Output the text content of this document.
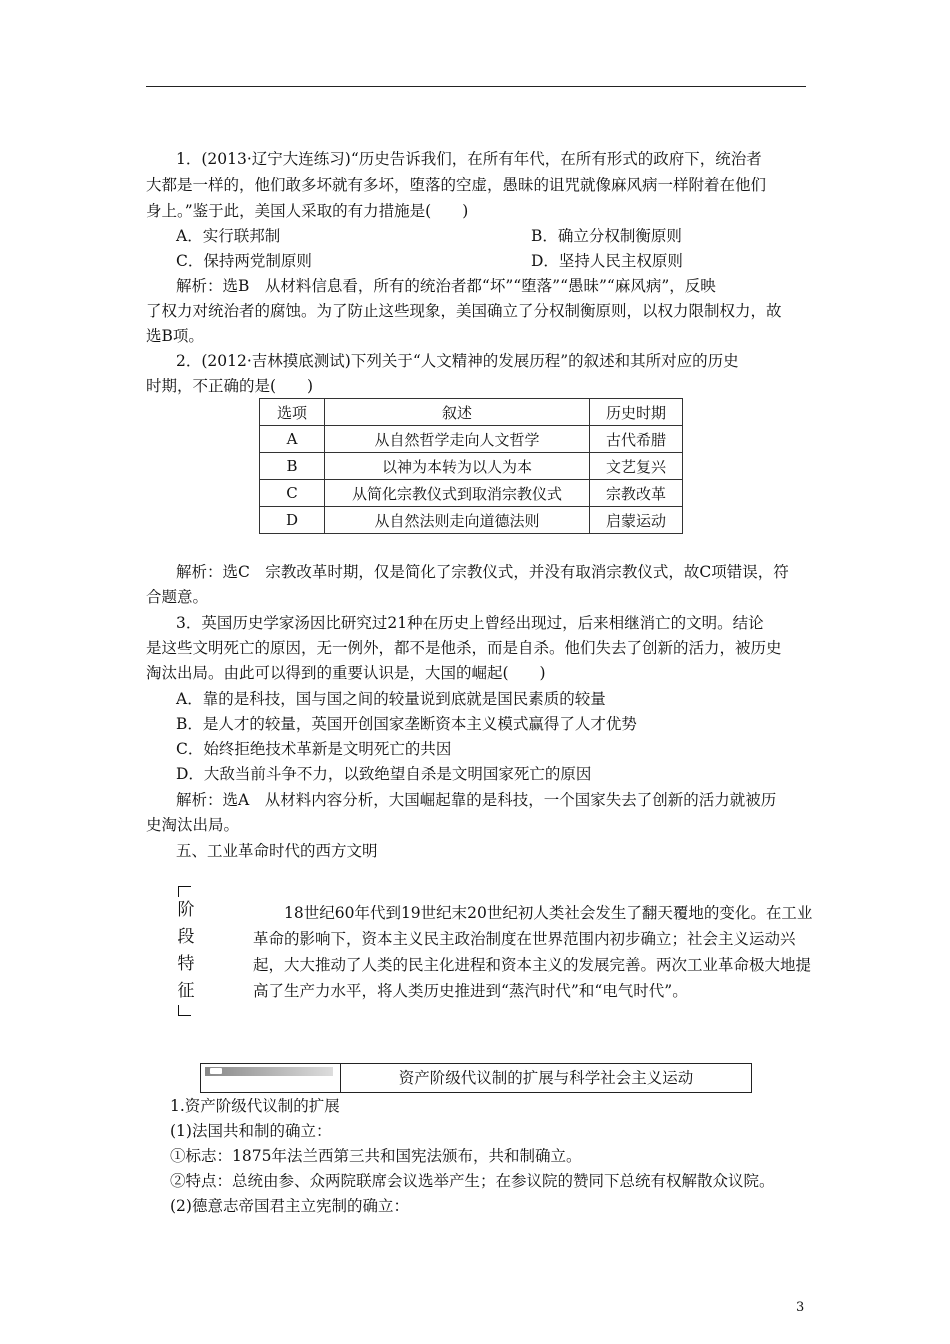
1．(2013·辽宁大连练习)“历史告诉我们，在所有年代，在所有形式的政府下，统治者
大都是一样的，他们敢多坏就有多坏，堕落的空虚，愚昧的诅咒就像麻风病一样附着在他们
身上。”鉴于此，美国人采取的有力措施是(　　)
A．实行联邦制	B．确立分权制衡原则
C．保持两党制原则	D．坚持人民主权原则
解析：选B　从材料信息看，所有的统治者都“坏”“堕落”“愚昧”“麻风病”，反映
了权力对统治者的腐蚀。为了防止这些现象，美国确立了分权制衡原则，以权力限制权力，故
选B项。
2．(2012·吉林摸底测试)下列关于“人文精神的发展历程”的叙述和其所对应的历史
时期，不正确的是(　　)
选项	叙述	历史时期
A	从自然哲学走向人文哲学	古代希腊
B	以神为本转为以人为本	文艺复兴
C	从简化宗教仪式到取消宗教仪式	宗教改革
D	从自然法则走向道德法则	启蒙运动
解析：选C　宗教改革时期，仅是简化了宗教仪式，并没有取消宗教仪式，故C项错误，符
合题意。
3．英国历史学家汤因比研究过21种在历史上曾经出现过，后来相继消亡的文明。结论
是这些文明死亡的原因，无一例外，都不是他杀，而是自杀。他们失去了创新的活力，被历史
淘汰出局。由此可以得到的重要认识是，大国的崛起(　　)
A．靠的是科技，国与国之间的较量说到底就是国民素质的较量
B．是人才的较量，英国开创国家垄断资本主义模式赢得了人才优势
C．始终拒绝技术革新是文明死亡的共因
D．大敌当前斗争不力，以致绝望自杀是文明国家死亡的原因
解析：选A　从材料内容分析，大国崛起靠的是科技，一个国家失去了创新的活力就被历
史淘汰出局。
五、工业革命时代的西方文明
阶
段
特
征
18世纪60年代到19世纪末20世纪初人类社会发生了翻天覆地的变化。在工业革命的影响下，资本主义民主政治制度在世界范围内初步确立；社会主义运动兴起，大大推动了人类的民主化进程和资本主义的发展完善。两次工业革命极大地提高了生产力水平，将人类历史推进到“蒸汽时代”和“电气时代”。
资产阶级代议制的扩展与科学社会主义运动
1.资产阶级代议制的扩展
(1)法国共和制的确立：
①标志：1875年法兰西第三共和国宪法颁布，共和制确立。
②特点：总统由参、众两院联席会议选举产生；在参议院的赞同下总统有权解散众议院。
(2)德意志帝国君主立宪制的确立：
3
